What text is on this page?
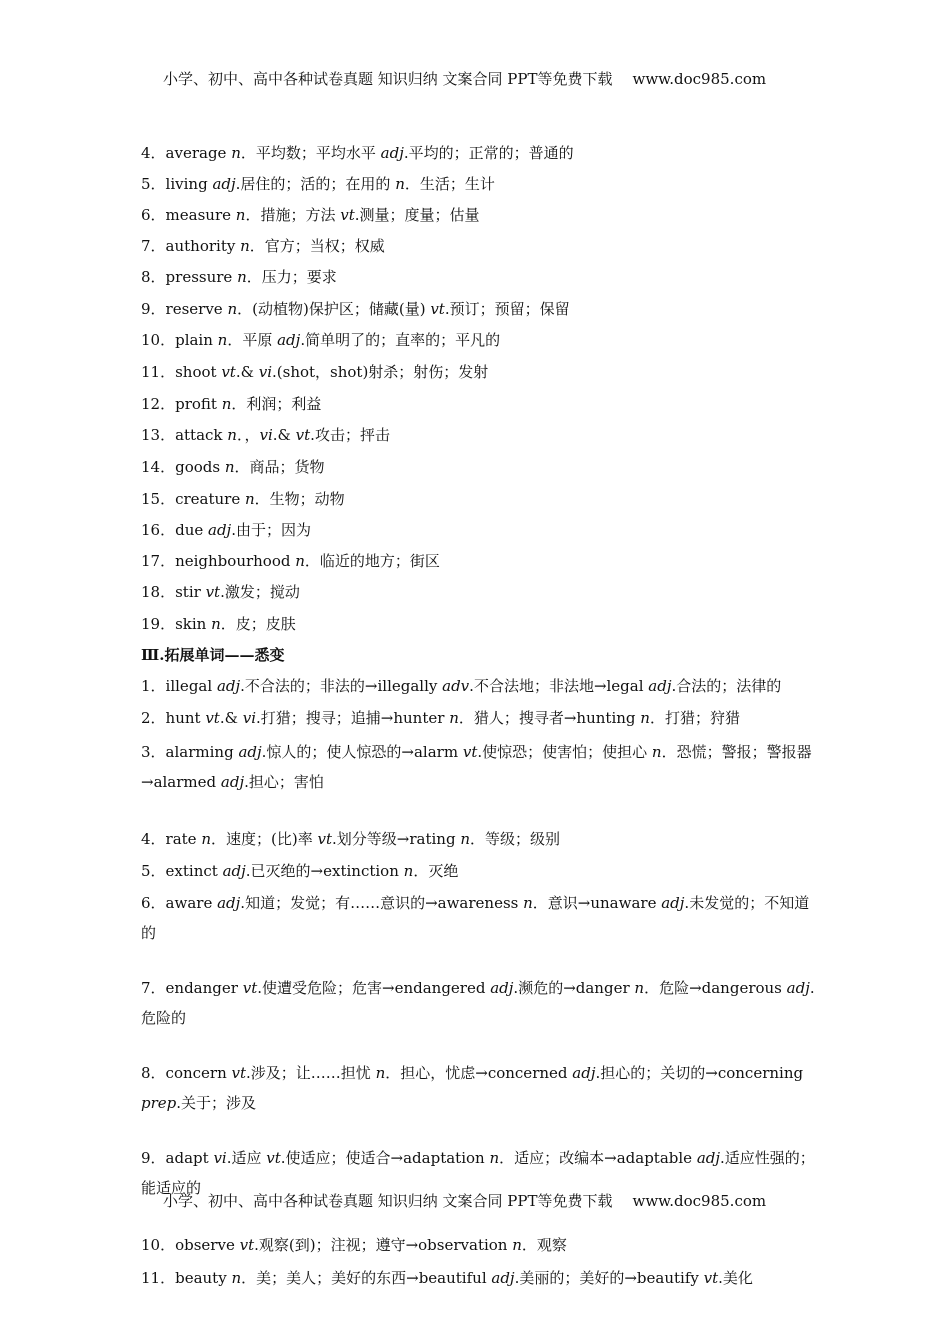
小学、初中、高中各种试卷真题 知识归纳 文案合同 PPT等免费下载 www.doc985.com
4．average n．平均数；平均水平 adj.平均的；正常的；普通的
5．living adj.居住的；活的；在用的 n．生活；生计
6．measure n．措施；方法 vt.测量；度量；估量
7．authority n．官方；当权；权威
8．pressure n．压力；要求
9．reserve n．(动植物)保护区；储藏(量) vt.预订；预留；保留
10．plain n．平原 adj.简单明了的；直率的；平凡的
11．shoot vt.& vi.(shot，shot)射杀；射伤；发射
12．profit n．利润；利益
13．attack n．，vi.& vt.攻击；抨击
14．goods n．商品；货物
15．creature n．生物；动物
16．due adj.由于；因为
17．neighbourhood n．临近的地方；街区
18．stir vt.激发；搅动
19．skin n．皮；皮肤
Ⅲ.拓展单词——悉变
1．illegal adj.不合法的；非法的→illegally adv.不合法地；非法地→legal adj.合法的；法律的
2．hunt vt.& vi.打猎；搜寻；追捕→hunter n．猎人；搜寻者→hunting n．打猎；狩猎
3．alarming adj.惊人的；使人惊恐的→alarm vt.使惊恐；使害怕；使担心 n．恐慌；警报；警报器→alarmed adj.担心；害怕
4．rate n．速度；(比)率 vt.划分等级→rating n．等级；级别
5．extinct adj.已灭绝的→extinction n．灭绝
6．aware adj.知道；发觉；有……意识的→awareness n．意识→unaware adj.未发觉的；不知道的
7．endanger vt.使遭受危险；危害→endangered adj.濒危的→danger n．危险→dangerous adj.危险的
8．concern vt.涉及；让……担忧 n．担心，忧虑→concerned adj.担心的；关切的→concerning prep.关于；涉及
9．adapt vi.适应 vt.使适应；使适合→adaptation n．适应；改编本→adaptable adj.适应性强的；能适应的
10．observe vt.观察(到)；注视；遵守→observation n．观察
11．beauty n．美；美人；美好的东西→beautiful adj.美丽的；美好的→beautify vt.美化
小学、初中、高中各种试卷真题 知识归纳 文案合同 PPT等免费下载 www.doc985.com
